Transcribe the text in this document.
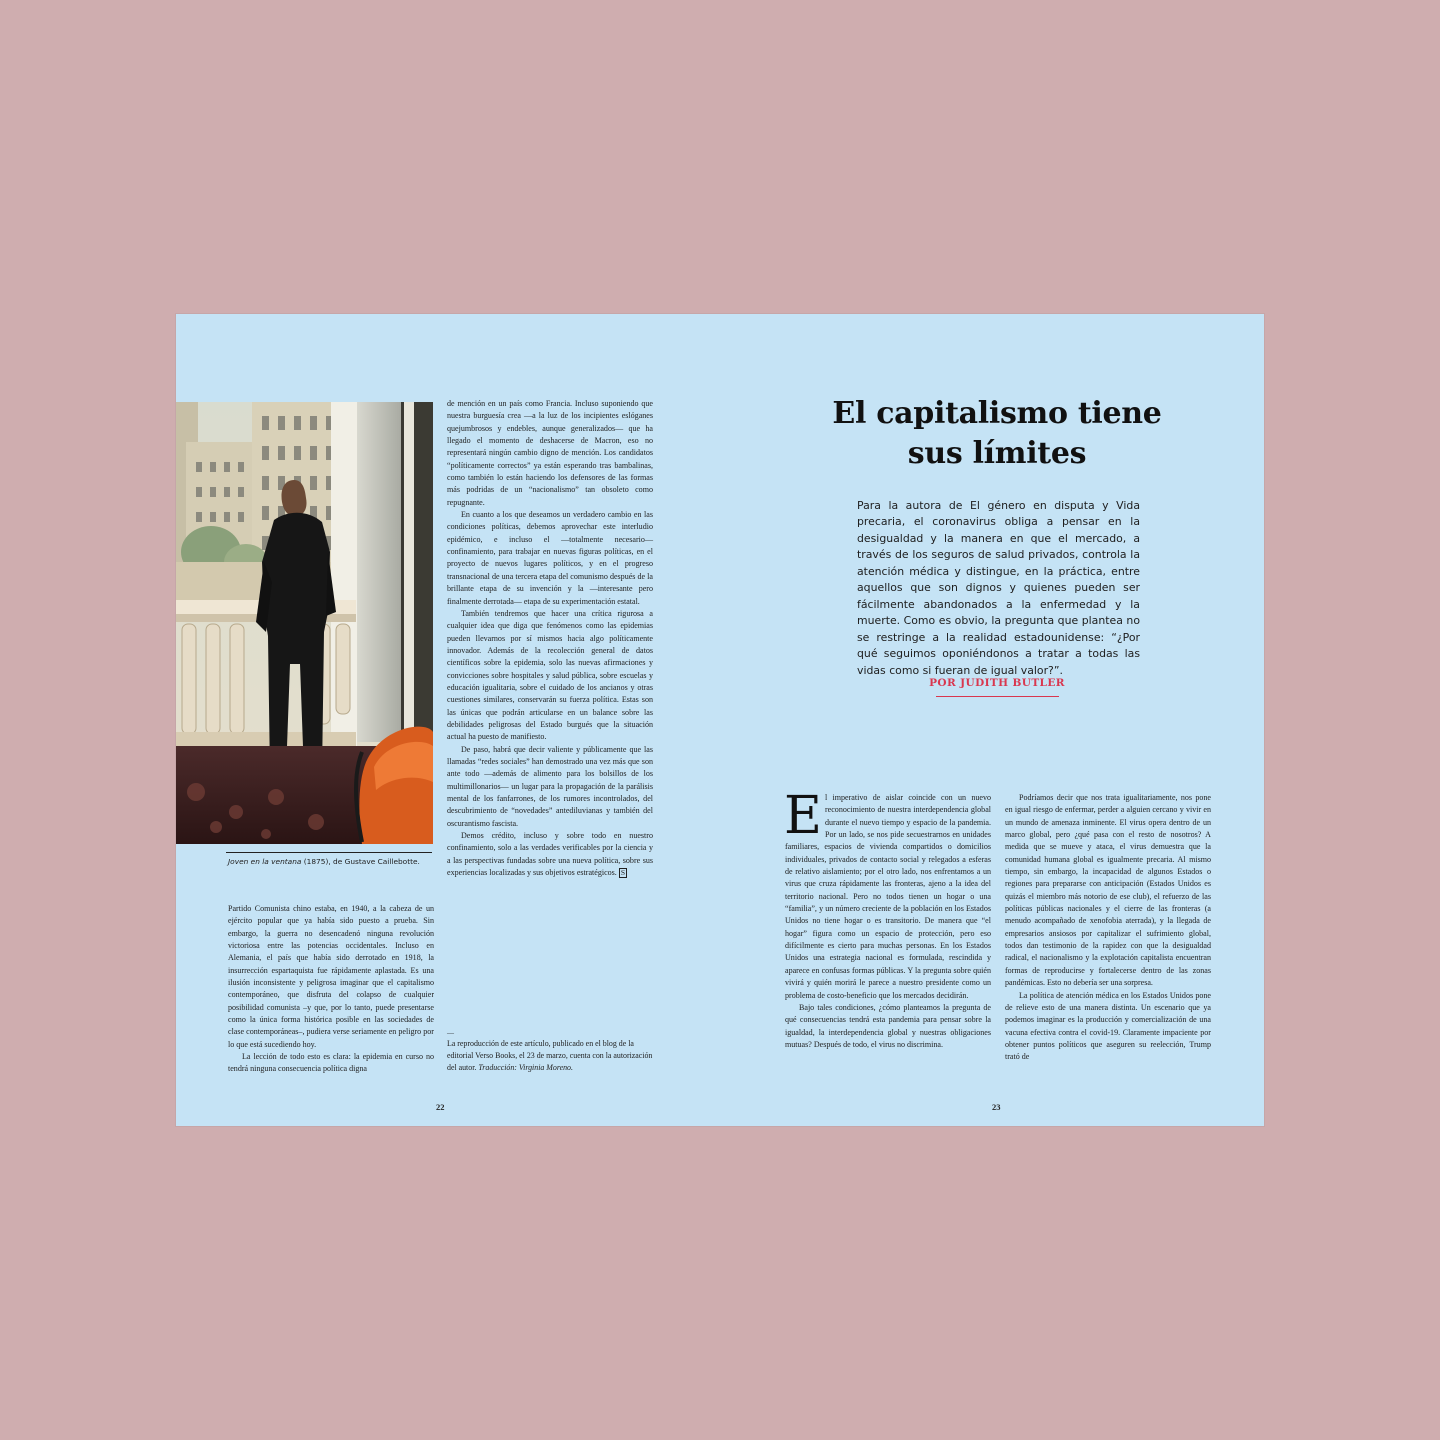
Joven en la ventana (1875), de Gustave Caillebotte.

Partido Comunista chino estaba, en 1940, a la cabeza de un ejército popular que ya había sido puesto a prueba. Sin embargo, la guerra no desencadenó ninguna revolución victoriosa entre las potencias occidentales. Incluso en Alemania, el país que había sido derrotado en 1918, la insurrección espartaquista fue rápidamente aplastada. Es una ilusión inconsistente y peligrosa imaginar que el capitalismo contemporáneo, que disfruta del colapso de cualquier posibilidad comunista –y que, por lo tanto, puede presentarse como la única forma histórica posible en las sociedades de clase contemporáneas–, pudiera verse seriamente en peligro por lo que está sucediendo hoy.

La lección de todo esto es clara: la epidemia en curso no tendrá ninguna consecuencia política digna

de mención en un país como Francia. Incluso suponiendo que nuestra burguesía crea —a la luz de los incipientes eslóganes quejumbrosos y endebles, aunque generalizados— que ha llegado el momento de deshacerse de Macron, eso no representará ningún cambio digno de mención. Los candidatos “políticamente correctos” ya están esperando tras bambalinas, como también lo están haciendo los defensores de las formas más podridas de un “nacionalismo” tan obsoleto como repugnante.

En cuanto a los que deseamos un verdadero cambio en las condiciones políticas, debemos aprovechar este interludio epidémico, e incluso el —totalmente necesario— confinamiento, para trabajar en nuevas figuras políticas, en el proyecto de nuevos lugares políticos, y en el progreso transnacional de una tercera etapa del comunismo después de la brillante etapa de su invención y la —interesante pero finalmente derrotada— etapa de su experimentación estatal.

También tendremos que hacer una crítica rigurosa a cualquier idea que diga que fenómenos como las epidemias pueden llevarnos por sí mismos hacia algo políticamente innovador. Además de la recolección general de datos científicos sobre la epidemia, solo las nuevas afirmaciones y convicciones sobre hospitales y salud pública, sobre escuelas y educación igualitaria, sobre el cuidado de los ancianos y otras cuestiones similares, conservarán su fuerza política. Estas son las únicas que podrán articularse en un balance sobre las debilidades peligrosas del Estado burgués que la situación actual ha puesto de manifiesto.

De paso, habrá que decir valiente y públicamente que las llamadas “redes sociales” han demostrado una vez más que son ante todo —además de alimento para los bolsillos de los multimillonarios— un lugar para la propagación de la parálisis mental de los fanfarrones, de los rumores incontrolados, del descubrimiento de “novedades” antediluvianas y también del oscurantismo fascista.

Demos crédito, incluso y sobre todo en nuestro confinamiento, solo a las verdades verificables por la ciencia y a las perspectivas fundadas sobre una nueva política, sobre sus experiencias localizadas y sus objetivos estratégicos. S

—
La reproducción de este artículo, publicado en el blog de la editorial Verso Books, el 23 de marzo, cuenta con la autorización del autor. Traducción: Virginia Moreno.
22
El capitalismo tiene sus límites
Para la autora de El género en disputa y Vida precaria, el coronavirus obliga a pensar en la desigualdad y la manera en que el mercado, a través de los seguros de salud privados, controla la atención médica y distingue, en la práctica, entre aquellos que son dignos y quienes pueden ser fácilmente abandonados a la enfermedad y la muerte. Como es obvio, la pregunta que plantea no se restringe a la realidad estadounidense: “¿Por qué seguimos oponiéndonos a tratar a todas las vidas como si fueran de igual valor?”.
POR JUDITH BUTLER

El imperativo de aislar coincide con un nuevo reconocimiento de nuestra interdependencia global durante el nuevo tiempo y espacio de la pandemia. Por un lado, se nos pide secuestrarnos en unidades familiares, espacios de vivienda compartidos o domicilios individuales, privados de contacto social y relegados a esferas de relativo aislamiento; por el otro lado, nos enfrentamos a un virus que cruza rápidamente las fronteras, ajeno a la idea del territorio nacional. Pero no todos tienen un hogar o una “familia”, y un número creciente de la población en los Estados Unidos no tiene hogar o es transitorio. De manera que “el hogar” figura como un espacio de protección, pero eso difícilmente es cierto para muchas personas. En los Estados Unidos una estrategia nacional es formulada, rescindida y aparece en confusas formas públicas. Y la pregunta sobre quién vivirá y quién morirá le parece a nuestro presidente como un problema de costo-beneficio que los mercados decidirán.

Bajo tales condiciones, ¿cómo planteamos la pregunta de qué consecuencias tendrá esta pandemia para pensar sobre la igualdad, la interdependencia global y nuestras obligaciones mutuas? Después de todo, el virus no discrimina.

Podríamos decir que nos trata igualitariamente, nos pone en igual riesgo de enfermar, perder a alguien cercano y vivir en un mundo de amenaza inminente. El virus opera dentro de un marco global, pero ¿qué pasa con el resto de nosotros? A medida que se mueve y ataca, el virus demuestra que la comunidad humana global es igualmente precaria. Al mismo tiempo, sin embargo, la incapacidad de algunos Estados o regiones para prepararse con anticipación (Estados Unidos es quizás el miembro más notorio de ese club), el refuerzo de las políticas públicas nacionales y el cierre de las fronteras (a menudo acompañado de xenofobia aterrada), y la llegada de empresarios ansiosos por capitalizar el sufrimiento global, todos dan testimonio de la rapidez con que la desigualdad radical, el nacionalismo y la explotación capitalista encuentran formas de reproducirse y fortalecerse dentro de las zonas pandémicas. Esto no debería ser una sorpresa.

La política de atención médica en los Estados Unidos pone de relieve esto de una manera distinta. Un escenario que ya podemos imaginar es la producción y comercialización de una vacuna efectiva contra el covid-19. Claramente impaciente por obtener puntos políticos que aseguren su reelección, Trump trató de

23
